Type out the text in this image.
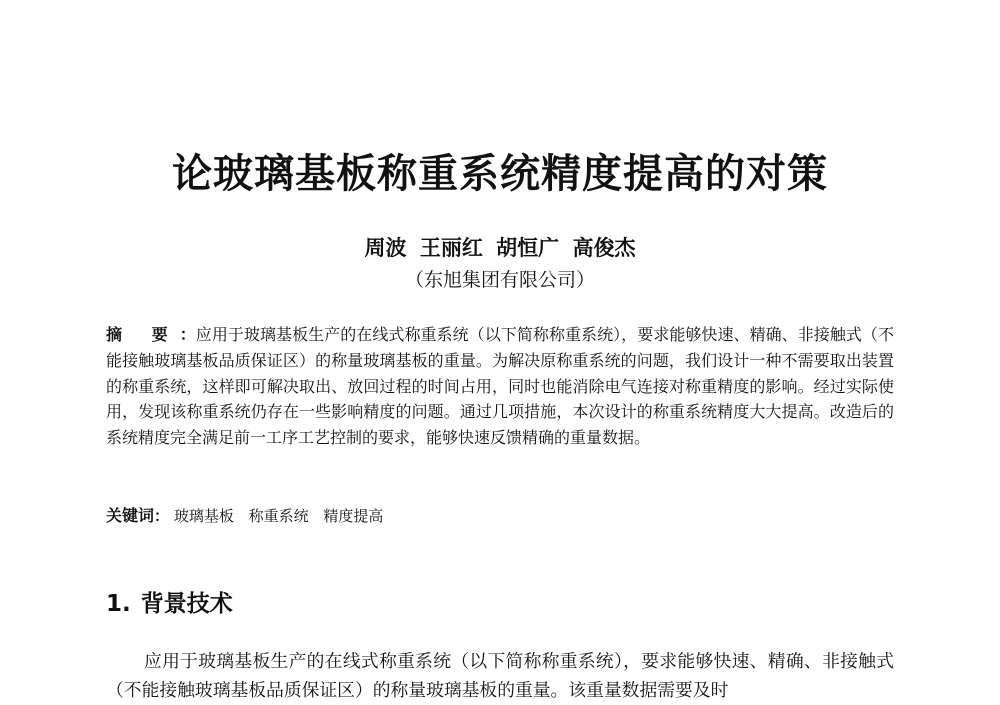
论玻璃基板称重系统精度提高的对策
周波 王丽红 胡恒广 高俊杰
（东旭集团有限公司）
摘 要：应用于玻璃基板生产的在线式称重系统（以下简称称重系统），要求能够快速、精确、非接触式（不能接触玻璃基板品质保证区）的称量玻璃基板的重量。为解决原称重系统的问题，我们设计一种不需要取出装置的称重系统，这样即可解决取出、放回过程的时间占用，同时也能消除电气连接对称重精度的影响。经过实际使用，发现该称重系统仍存在一些影响精度的问题。通过几项措施，本次设计的称重系统精度大大提高。改造后的系统精度完全满足前一工序工艺控制的要求，能够快速反馈精确的重量数据。
关键词： 玻璃基板 称重系统 精度提高
1. 背景技术

应用于玻璃基板生产的在线式称重系统（以下简称称重系统），要求能够快速、精确、非接触式（不能接触玻璃基板品质保证区）的称量玻璃基板的重量。该重量数据需要及时
